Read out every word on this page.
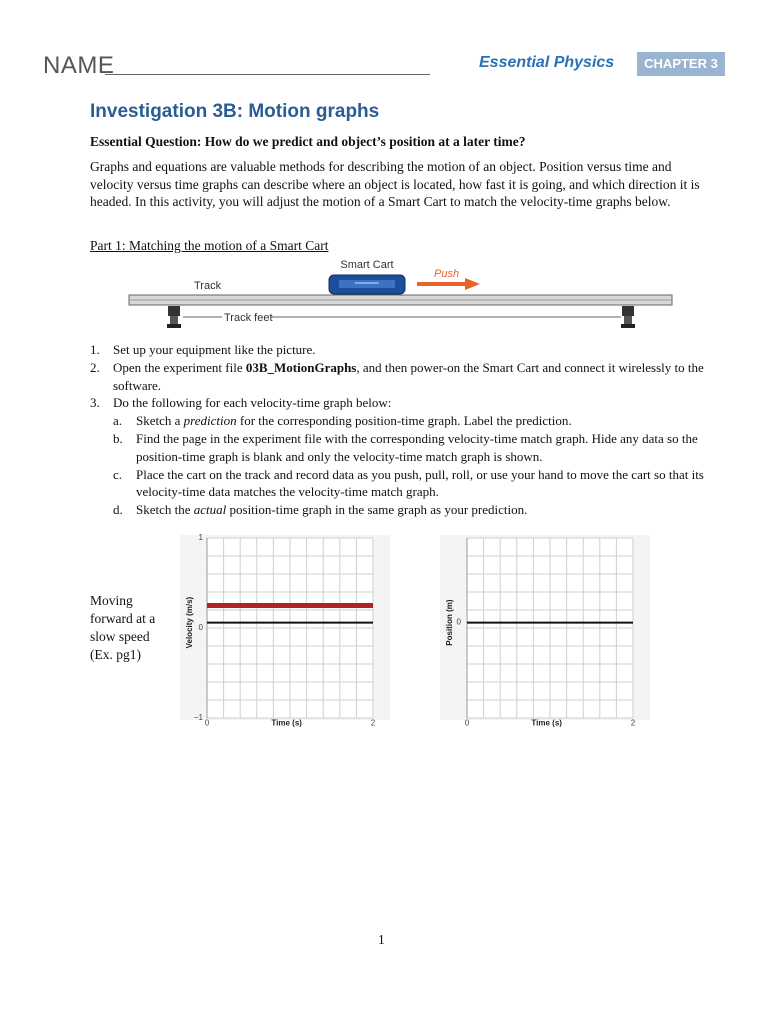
NAME	Essential Physics	CHAPTER 3
Investigation 3B: Motion graphs
Essential Question: How do we predict and object’s position at a later time?
Graphs and equations are valuable methods for describing the motion of an object. Position versus time and velocity versus time graphs can describe where an object is located, how fast it is going, and which direction it is headed. In this activity, you will adjust the motion of a Smart Cart to match the velocity-time graphs below.
Part 1: Matching the motion of a Smart Cart
Track feet
Smart Cart
Push
Track
1. Set up your equipment like the picture.
2. Open the experiment file 03B_MotionGraphs, and then power-on the Smart Cart and connect it wirelessly to the software.
3. Do the following for each velocity-time graph below:
a. Sketch a prediction for the corresponding position-time graph. Label the prediction.
b. Find the page in the experiment file with the corresponding velocity-time match graph. Hide any data so the position-time graph is blank and only the velocity-time match graph is shown.
c. Place the cart on the track and record data as you push, pull, roll, or use your hand to move the cart so that its velocity-time data matches the velocity-time match graph.
d. Sketch the actual position-time graph in the same graph as your prediction.
Moving forward at a slow speed (Ex. pg1)
0	2
Time (s)
Velocity (m/s)
1
0
−1
0	2
Time (s)
Position (m) 0
1
